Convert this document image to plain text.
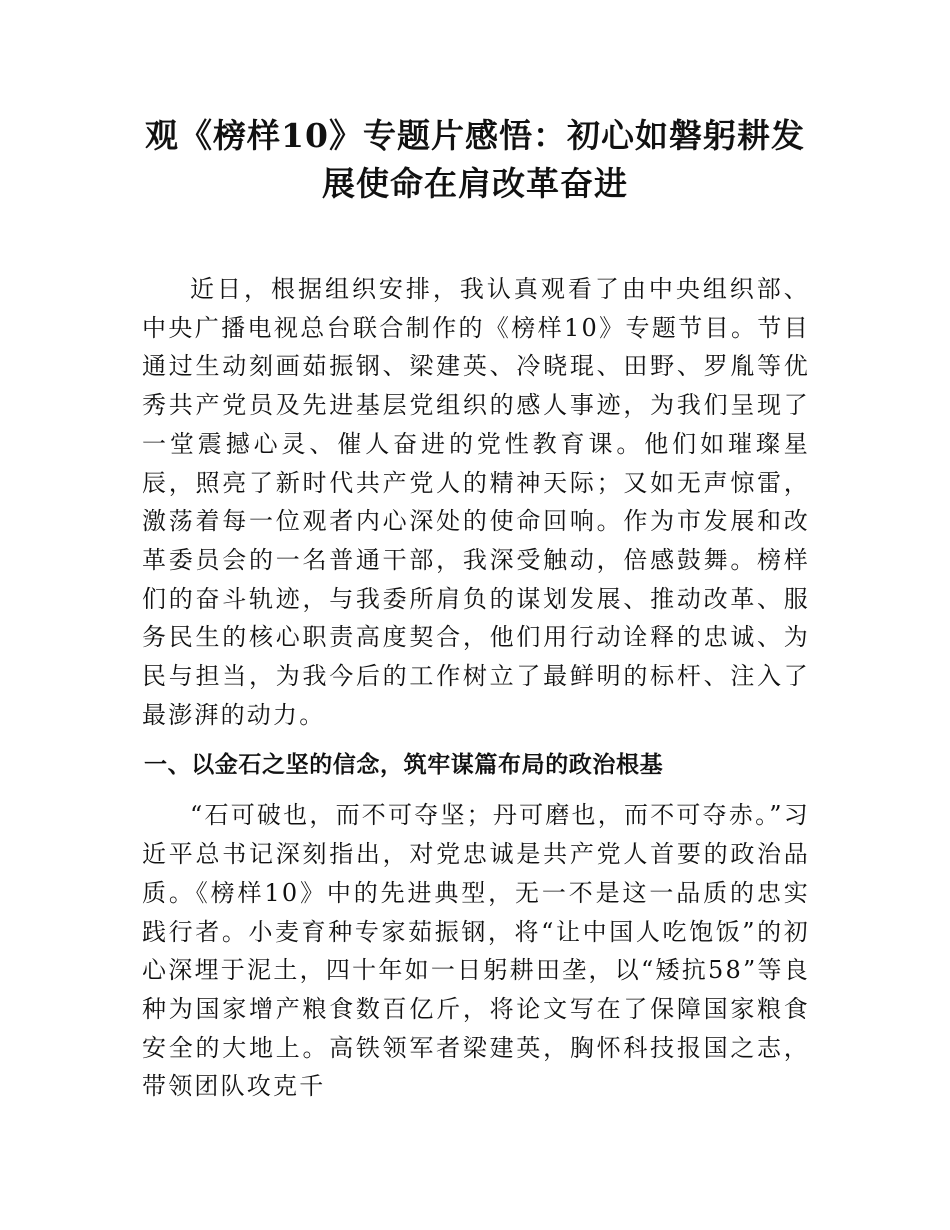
观《榜样10》专题片感悟：初心如磐躬耕发
展使命在肩改革奋进

近日，根据组织安排，我认真观看了由中央组织部、中央广播电视总台联合制作的《榜样10》专题节目。节目通过生动刻画茹振钢、梁建英、冷晓琨、田野、罗胤等优秀共产党员及先进基层党组织的感人事迹，为我们呈现了一堂震撼心灵、催人奋进的党性教育课。他们如璀璨星辰，照亮了新时代共产党人的精神天际；又如无声惊雷，激荡着每一位观者内心深处的使命回响。作为市发展和改革委员会的一名普通干部，我深受触动，倍感鼓舞。榜样们的奋斗轨迹，与我委所肩负的谋划发展、推动改革、服务民生的核心职责高度契合，他们用行动诠释的忠诚、为民与担当，为我今后的工作树立了最鲜明的标杆、注入了最澎湃的动力。

一、以金石之坚的信念，筑牢谋篇布局的政治根基

“石可破也，而不可夺坚；丹可磨也，而不可夺赤。”习近平总书记深刻指出，对党忠诚是共产党人首要的政治品质。《榜样10》中的先进典型，无一不是这一品质的忠实践行者。小麦育种专家茹振钢，将“让中国人吃饱饭”的初心深埋于泥土，四十年如一日躬耕田垄，以“矮抗58”等良种为国家增产粮食数百亿斤，将论文写在了保障国家粮食安全的大地上。高铁领军者梁建英，胸怀科技报国之志，带领团队攻克千
